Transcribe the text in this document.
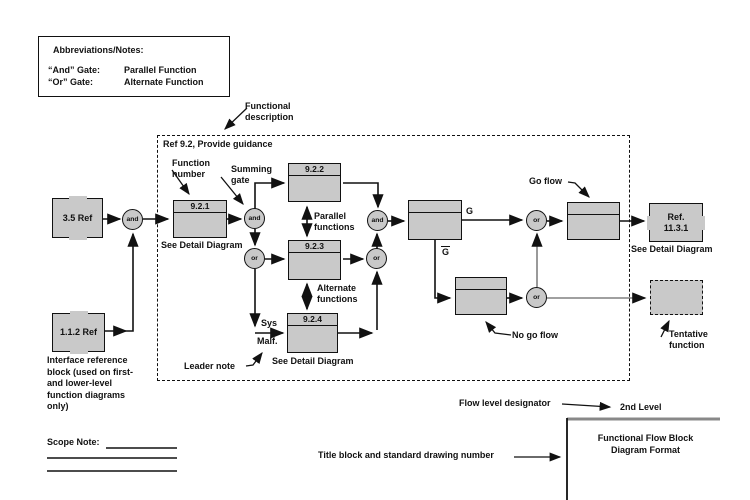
Abbreviations/Notes:
“And” Gate:	Parallel Function
“Or” Gate:	Alternate Function
Ref 9.2, Provide guidance
3.5 Ref
1.1.2 Ref
Ref.
11.3.1
9.2.1
9.2.2
9.2.3
9.2.4
and	and
or
and
or
or
or
Functional
description
Function
number	Summing
gate
Parallel
functions
Alternate
functions
Sys
Malf.
Leader note
See Detail Diagram
See Detail Diagram
See Detail Diagram
Go flow
No go flow	Tentative
function
G
G
Interface reference
block (used on first-
and lower-level
function diagrams
only)
Scope Note:
Flow level designator	2nd Level
Title block and standard drawing number
Functional Flow Block
Diagram Format
